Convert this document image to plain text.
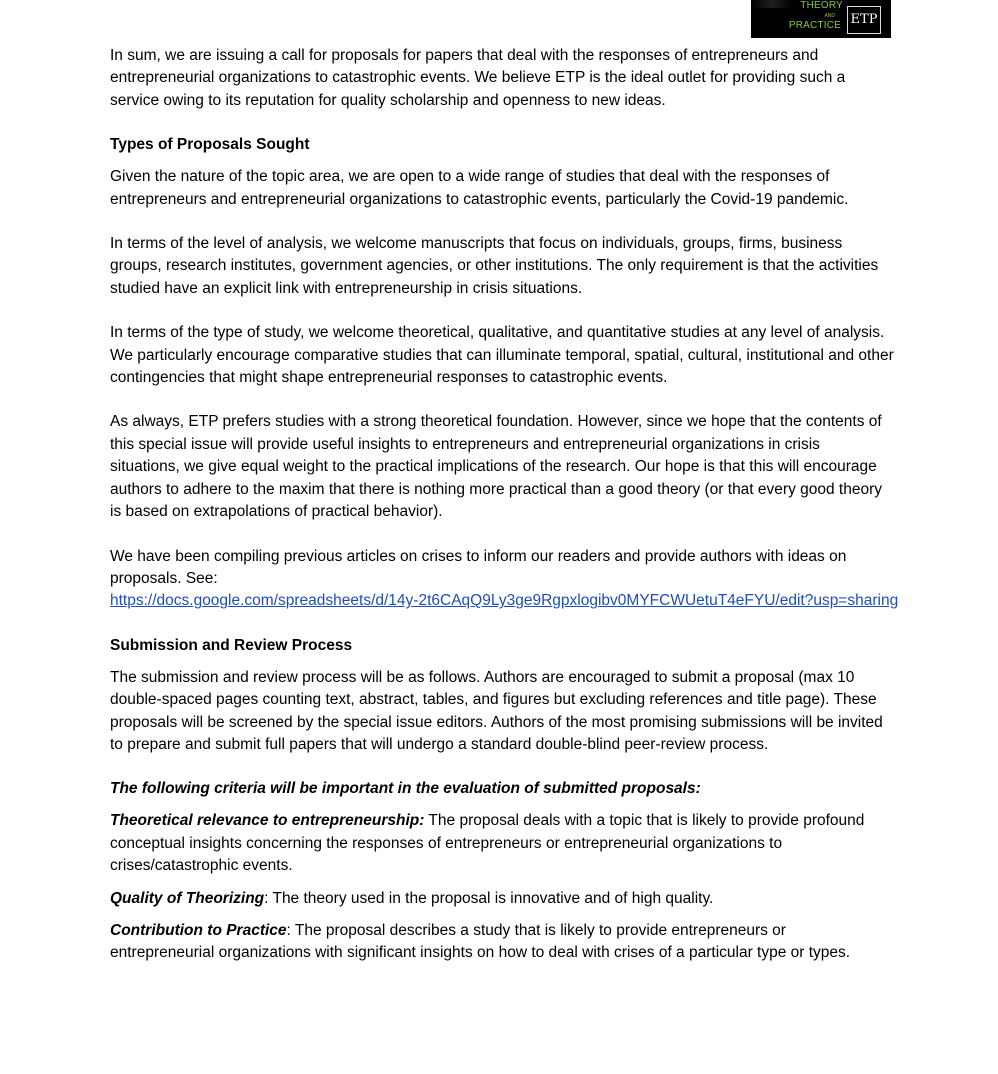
THEORY
AND
PRACTICE ETP

In sum, we are issuing a call for proposals for papers that deal with the responses of entrepreneurs and entrepreneurial organizations to catastrophic events. We believe ETP is the ideal outlet for providing such a service owing to its reputation for quality scholarship and openness to new ideas.

Types of Proposals Sought

Given the nature of the topic area, we are open to a wide range of studies that deal with the responses of entrepreneurs and entrepreneurial organizations to catastrophic events, particularly the Covid-19 pandemic.

In terms of the level of analysis, we welcome manuscripts that focus on individuals, groups, firms, business groups, research institutes, government agencies, or other institutions. The only requirement is that the activities studied have an explicit link with entrepreneurship in crisis situations.

In terms of the type of study, we welcome theoretical, qualitative, and quantitative studies at any level of analysis. We particularly encourage comparative studies that can illuminate temporal, spatial, cultural, institutional and other contingencies that might shape entrepreneurial responses to catastrophic events.

As always, ETP prefers studies with a strong theoretical foundation. However, since we hope that the contents of this special issue will provide useful insights to entrepreneurs and entrepreneurial organizations in crisis situations, we give equal weight to the practical implications of the research. Our hope is that this will encourage authors to adhere to the maxim that there is nothing more practical than a good theory (or that every good theory is based on extrapolations of practical behavior).

We have been compiling previous articles on crises to inform our readers and provide authors with ideas on proposals. See:
https://docs.google.com/spreadsheets/d/14y-2t6CAqQ9Ly3ge9Rgpxlogibv0MYFCWUetuT4eFYU/edit?usp=sharing

Submission and Review Process

The submission and review process will be as follows. Authors are encouraged to submit a proposal (max 10 double-spaced pages counting text, abstract, tables, and figures but excluding references and title page). These proposals will be screened by the special issue editors. Authors of the most promising submissions will be invited to prepare and submit full papers that will undergo a standard double-blind peer-review process.

The following criteria will be important in the evaluation of submitted proposals:
Theoretical relevance to entrepreneurship: The proposal deals with a topic that is likely to provide profound conceptual insights concerning the responses of entrepreneurs or entrepreneurial organizations to crises/catastrophic events.
Quality of Theorizing: The theory used in the proposal is innovative and of high quality.
Contribution to Practice: The proposal describes a study that is likely to provide entrepreneurs or entrepreneurial organizations with significant insights on how to deal with crises of a particular type or types.
